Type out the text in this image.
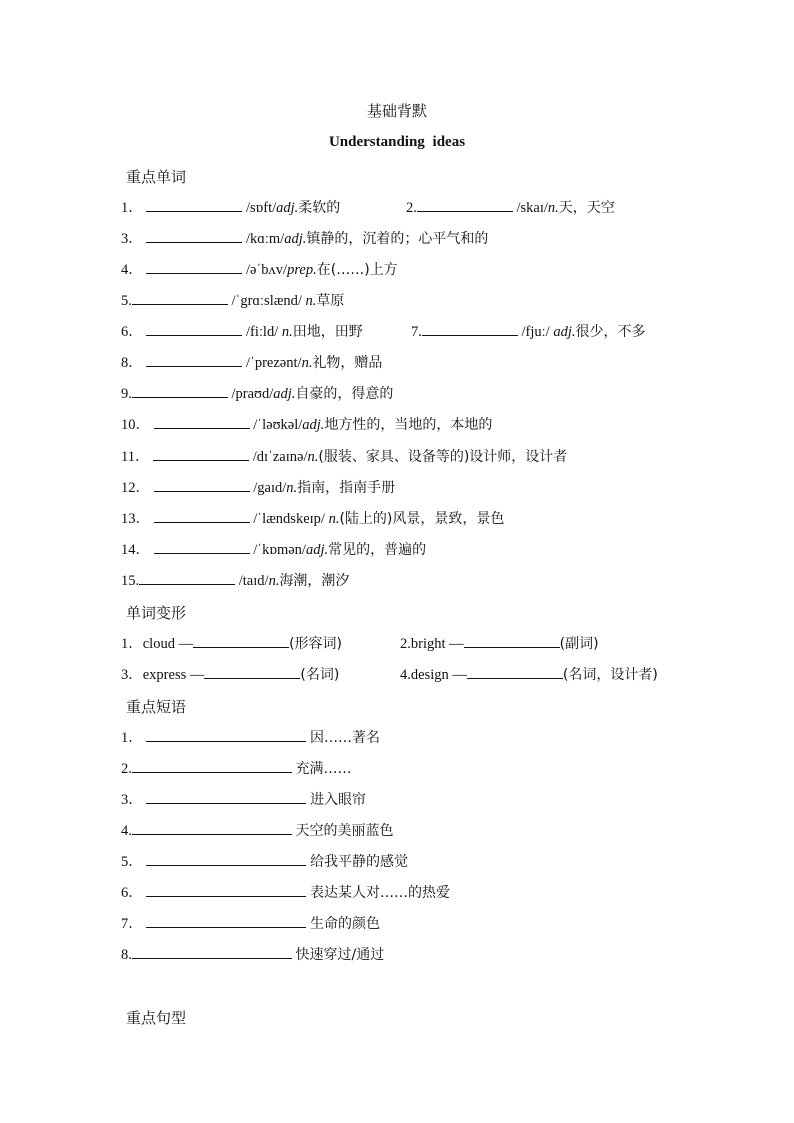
基础背默
Understanding ideas
重点单词
1．	/sɒft/adj.柔软的	2.	/skaɪ/n.天，天空
3．	/kɑːm/adj.镇静的，沉着的；心平气和的
4．	/əˈbʌv/prep.在(……)上方
5.	/ˈgrɑːslænd/ n.草原
6．	/fiːld/ n.田地，田野	7.	/fjuː/ adj.很少，不多
8．	/ˈprezənt/n.礼物，赠品
9.	/praʊd/adj.自豪的，得意的
10．	/ˈləʊkəl/adj.地方性的，当地的，本地的
11．	/dɪˈzaɪnə/n.(服装、家具、设备等的)设计师，设计者
12．	/gaɪd/n.指南，指南手册
13．	/ˈlændskeɪp/ n.(陆上的)风景，景致，景色
14．	/ˈkɒmən/adj.常见的，普遍的
15.	/taɪd/n.海潮，潮汐
单词变形
1．cloud —	(形容词)	2.bright —	(副词)
3．express —	(名词)	4.design —	(名词，设计者)
重点短语
1．	因……著名
2.	充满……
3．	进入眼帘
4.	天空的美丽蓝色
5．	给我平静的感觉
6．	表达某人对……的热爱
7．	生命的颜色
8.	快速穿过/通过
重点句型
